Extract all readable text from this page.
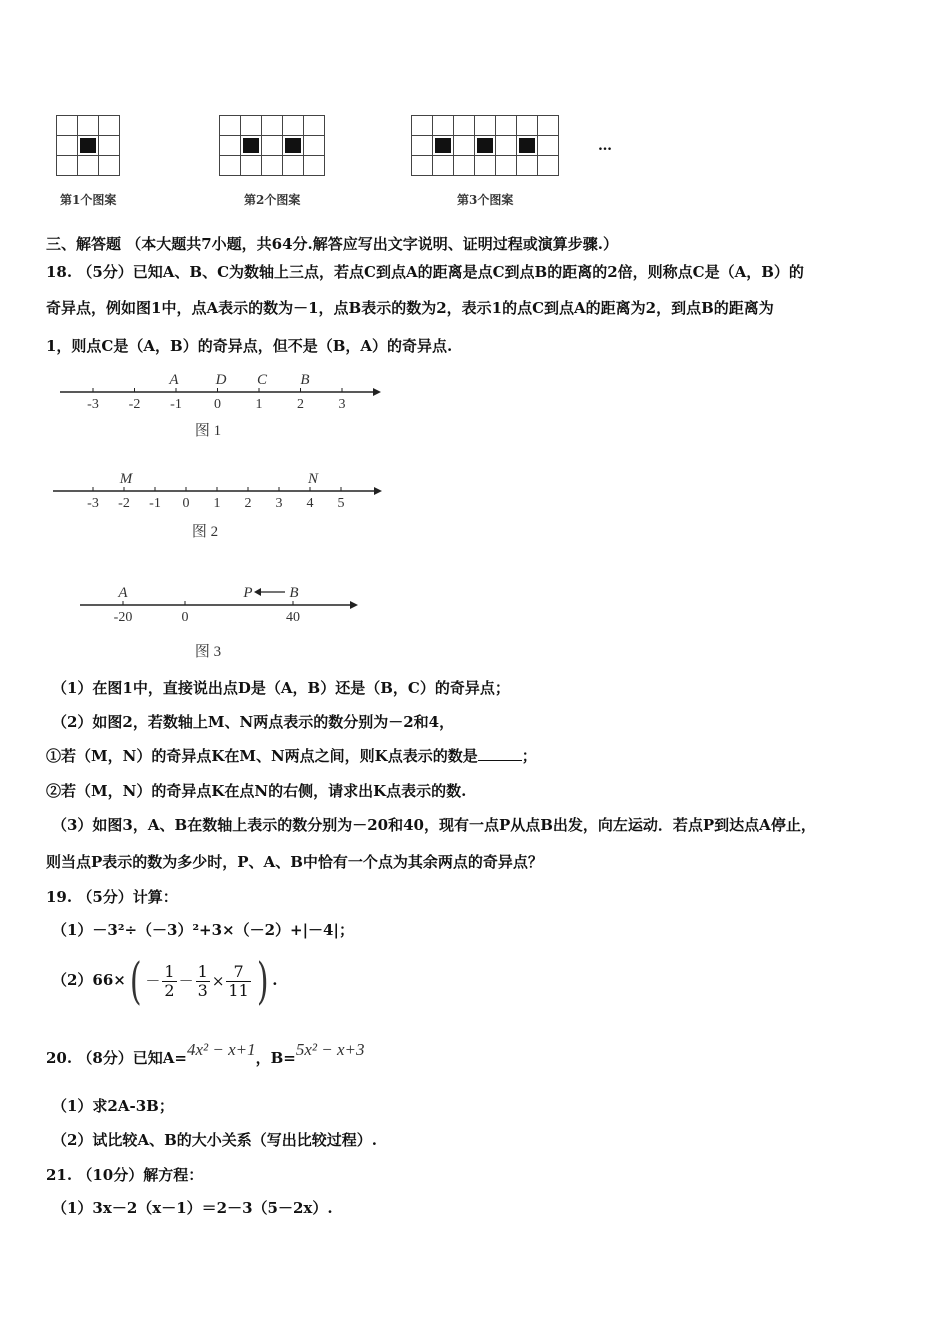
第1个图案

					第2个图案

							第3个图案
…
三、解答题 （本大题共7小题，共64分.解答应写出文字说明、证明过程或演算步骤.）
18. （5分）已知A、B、C为数轴上三点，若点C到点A的距离是点C到点B的距离的2倍，则称点C是（A，B）的
奇异点，例如图1中，点A表示的数为－1，点B表示的数为2，表示1的点C到点A的距离为2，到点B的距离为
1，则点C是（A，B）的奇异点，但不是（B，A）的奇异点.
-3 -2 -1 0 1 2 3
A D C B
图 1
-3 -2 -1 0 1 2 3 4 5
M	N
图 2
-20	0	40
A	P B
图 3
（1）在图1中，直接说出点D是（A，B）还是（B，C）的奇异点；
（2）如图2，若数轴上M、N两点表示的数分别为－2和4，
①若（M，N）的奇异点K在M、N两点之间，则K点表示的数是	；
②若（M，N）的奇异点K在点N的右侧，请求出K点表示的数.
（3）如图3，A、B在数轴上表示的数分别为－20和40，现有一点P从点B出发，向左运动．若点P到达点A停止，
则当点P表示的数为多少时，P、A、B中恰有一个点为其余两点的奇异点？
19. （5分）计算：
（1）－3²÷（－3）²+3×（－2）+|－4|；
$(2)66\times( - \frac{1}{2} - \frac{1}{3} \times \frac{7}{11}$ ) .
20. （8分）已知A=4x² − x+1，B=5x² − x+3
（1）求2A-3B；
（2）试比较A、B的大小关系（写出比较过程）.
21. （10分）解方程：
（1）3x－2（x－1）＝2－3（5－2x）.
